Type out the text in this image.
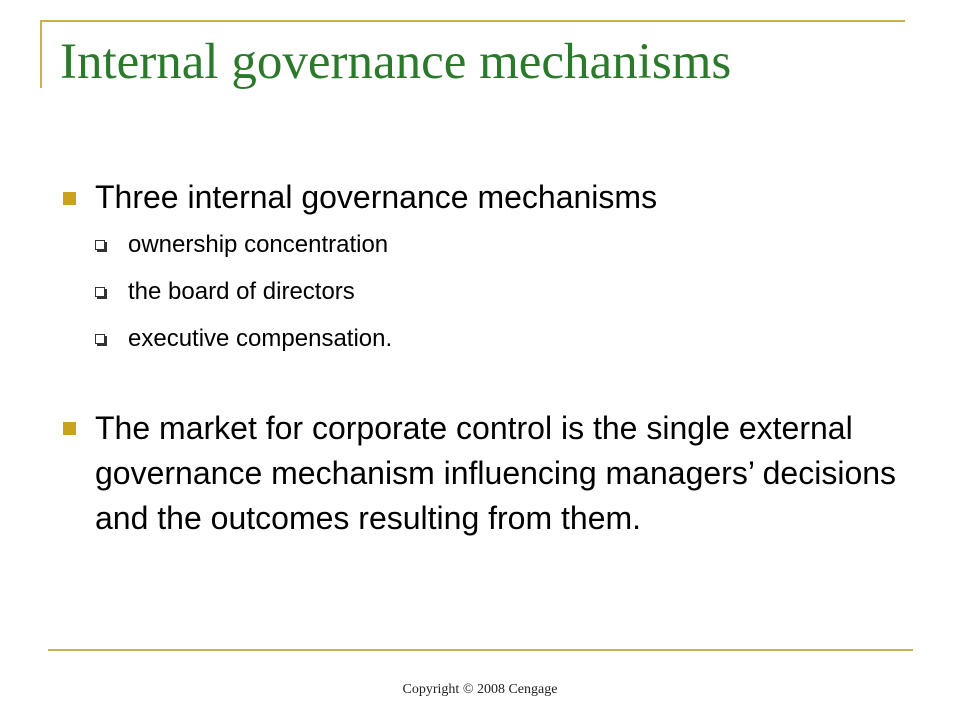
Internal governance mechanisms
Three internal governance mechanisms
ownership concentration
the board of directors
executive compensation.
The market for corporate control is the single external governance mechanism influencing managers’ decisions and the outcomes resulting from them.
Copyright © 2008 Cengage
